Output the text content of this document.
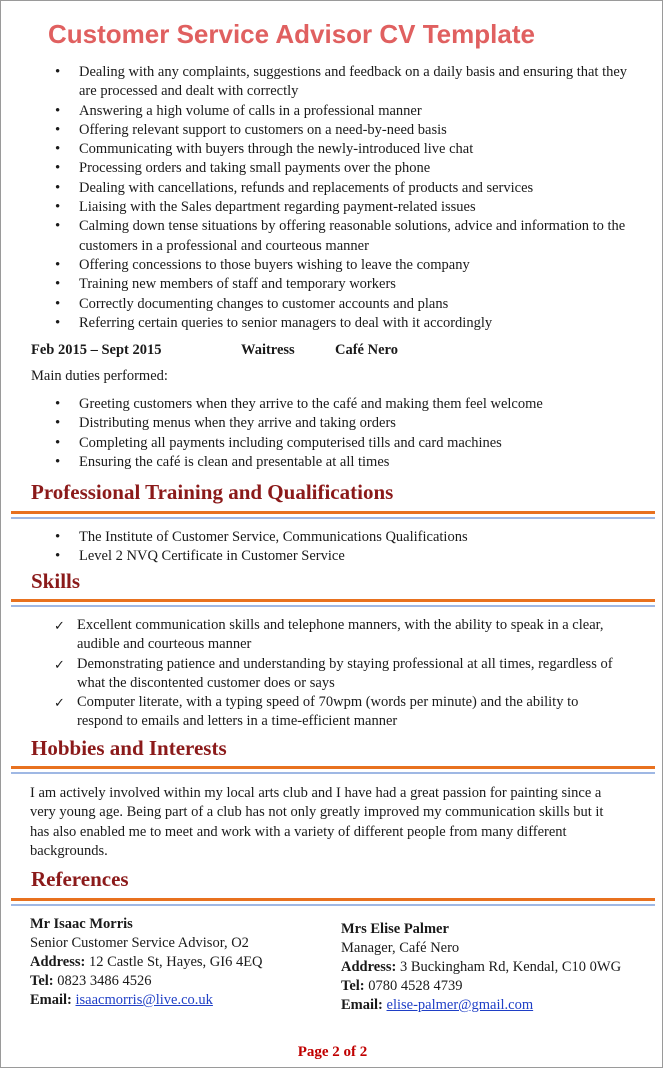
Customer Service Advisor CV Template
• Dealing with any complaints, suggestions and feedback on a daily basis and ensuring that they are processed and dealt with correctly
• Answering a high volume of calls in a professional manner
• Offering relevant support to customers on a need-by-need basis
• Communicating with buyers through the newly-introduced live chat
• Processing orders and taking small payments over the phone
• Dealing with cancellations, refunds and replacements of products and services
• Liaising with the Sales department regarding payment-related issues
• Calming down tense situations by offering reasonable solutions, advice and information to the customers in a professional and courteous manner
• Offering concessions to those buyers wishing to leave the company
• Training new members of staff and temporary workers
• Correctly documenting changes to customer accounts and plans
• Referring certain queries to senior managers to deal with it accordingly
Feb 2015 – Sept 2015	Waitress	Café Nero
Main duties performed:
• Greeting customers when they arrive to the café and making them feel welcome
• Distributing menus when they arrive and taking orders
• Completing all payments including computerised tills and card machines
• Ensuring the café is clean and presentable at all times
Professional Training and Qualifications
• The Institute of Customer Service, Communications Qualifications
• Level 2 NVQ Certificate in Customer Service
Skills
✓ Excellent communication skills and telephone manners, with the ability to speak in a clear, audible and courteous manner
✓ Demonstrating patience and understanding by staying professional at all times, regardless of what the discontented customer does or says
✓ Computer literate, with a typing speed of 70wpm (words per minute) and the ability to respond to emails and letters in a time-efficient manner
Hobbies and Interests
I am actively involved within my local arts club and I have had a great passion for painting since a very young age. Being part of a club has not only greatly improved my communication skills but it has also enabled me to meet and work with a variety of different people from many different backgrounds.
References
Mr Isaac Morris
Senior Customer Service Advisor, O2
Address: 12 Castle St, Hayes, GI6 4EQ
Tel: 0823 3486 4526
Email: isaacmorris@live.co.uk
Mrs Elise Palmer
Manager, Café Nero
Address: 3 Buckingham Rd, Kendal, C10 0WG
Tel: 0780 4528 4739
Email: elise-palmer@gmail.com
Page 2 of 2
